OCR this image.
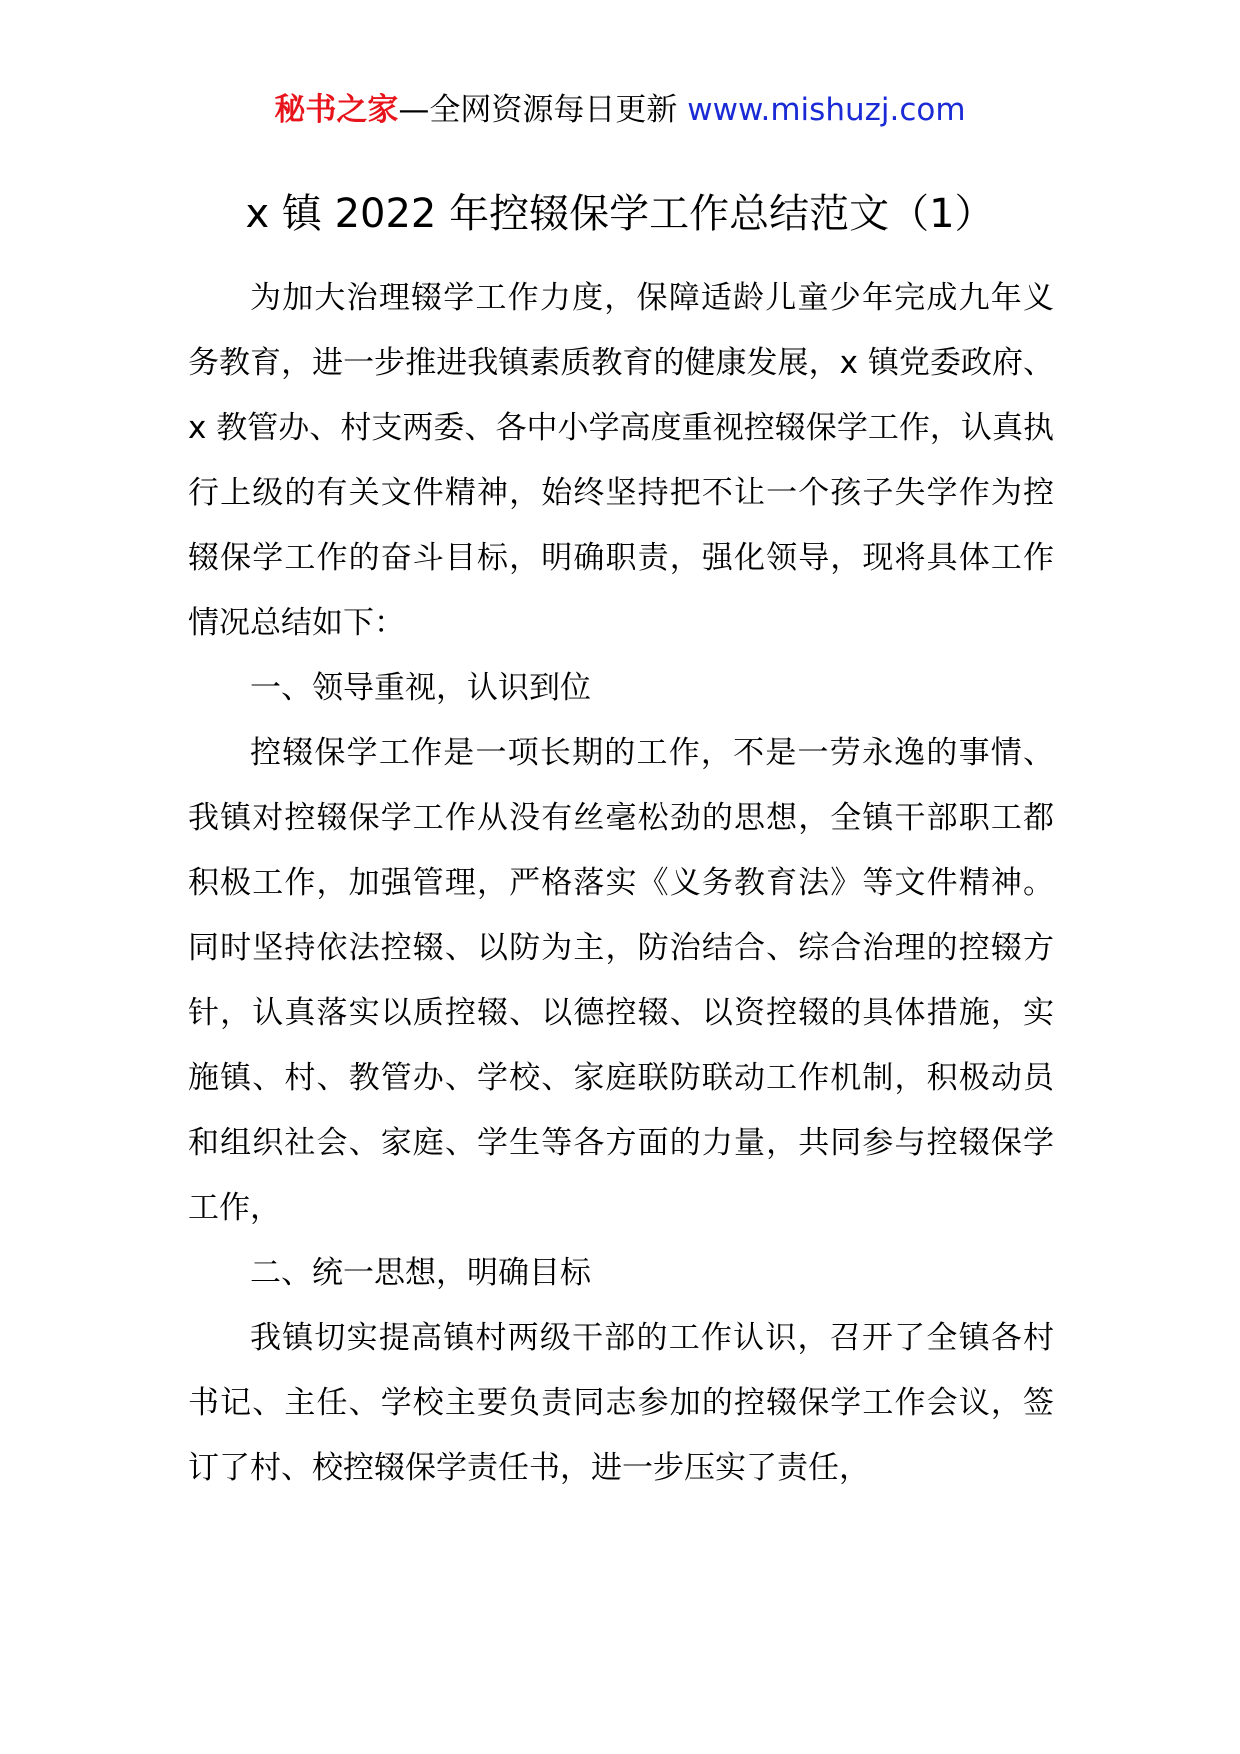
秘书之家—全网资源每日更新 www.mishuzj.com
x 镇 2022 年控辍保学工作总结范文（1）

为加大治理辍学工作力度，保障适龄儿童少年完成九年义务教育，进一步推进我镇素质教育的健康发展，x 镇党委政府、x 教管办、村支两委、各中小学高度重视控辍保学工作，认真执行上级的有关文件精神，始终坚持把不让一个孩子失学作为控辍保学工作的奋斗目标，明确职责，强化领导，现将具体工作情况总结如下：

一、领导重视，认识到位

控辍保学工作是一项长期的工作，不是一劳永逸的事情、我镇对控辍保学工作从没有丝毫松劲的思想，全镇干部职工都积极工作，加强管理，严格落实《义务教育法》等文件精神。同时坚持依法控辍、以防为主，防治结合、综合治理的控辍方针，认真落实以质控辍、以德控辍、以资控辍的具体措施，实施镇、村、教管办、学校、家庭联防联动工作机制，积极动员和组织社会、家庭、学生等各方面的力量，共同参与控辍保学工作，

二、统一思想，明确目标

我镇切实提高镇村两级干部的工作认识，召开了全镇各村书记、主任、学校主要负责同志参加的控辍保学工作会议，签订了村、校控辍保学责任书，进一步压实了责任，
